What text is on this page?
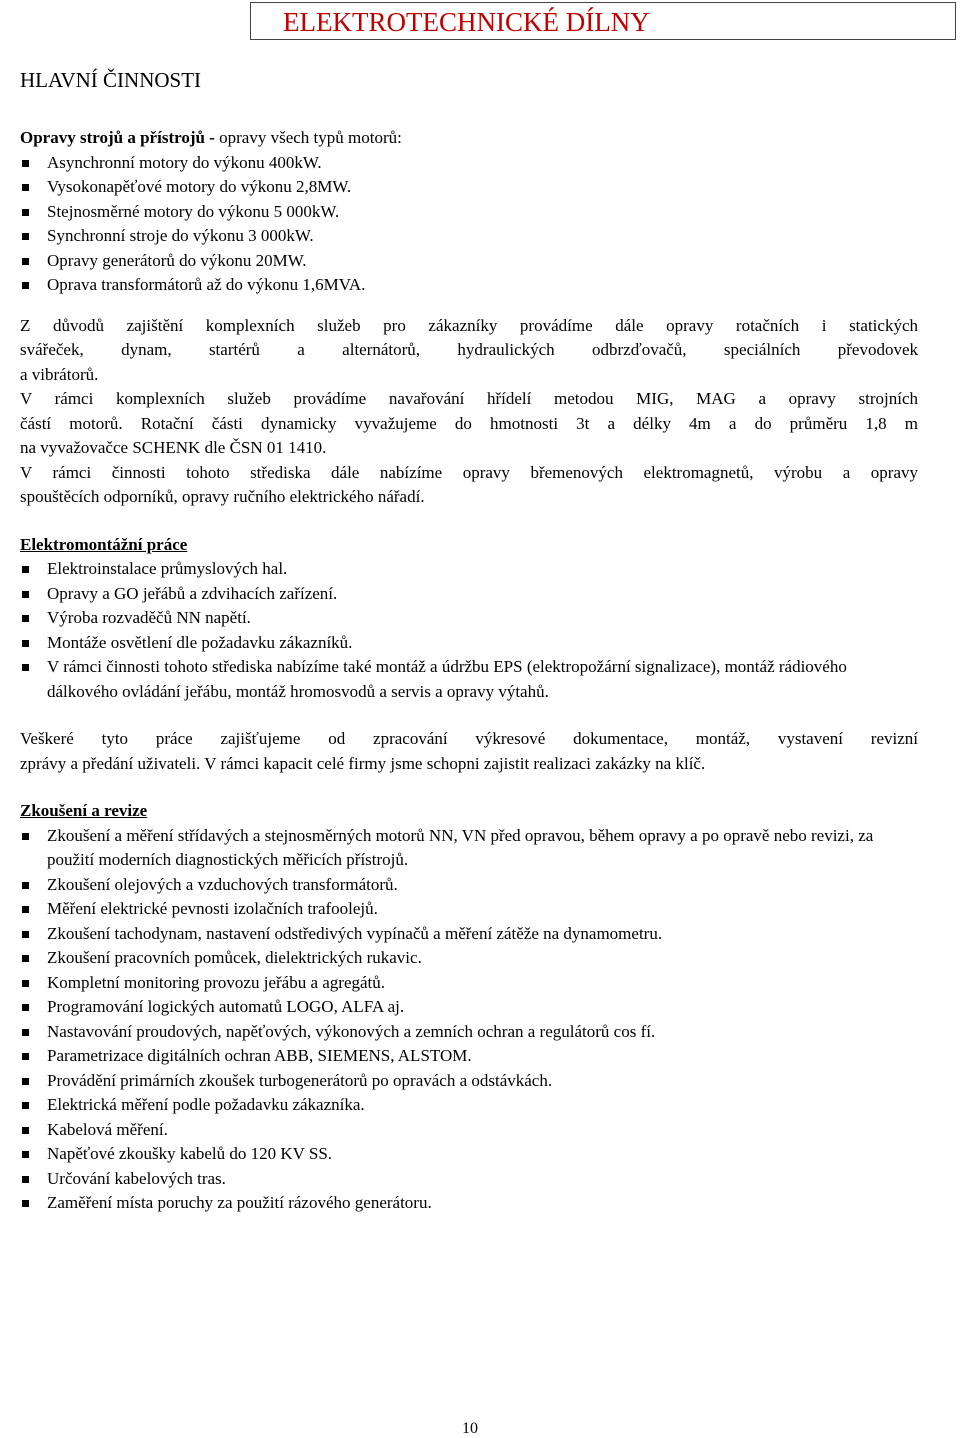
ELEKTROTECHNICKÉ DÍLNY
HLAVNÍ ČINNOSTI
Opravy strojů a přístrojů - opravy všech typů motorů:
Asynchronní motory do výkonu 400kW.
Vysokonapěťové motory do výkonu 2,8MW.
Stejnosměrné motory do výkonu 5 000kW.
Synchronní stroje do výkonu 3 000kW.
Opravy generátorů do výkonu 20MW.
Oprava transformátorů až do výkonu 1,6MVA.
Z důvodů zajištění komplexních služeb pro zákazníky provádíme dále opravy rotačních i statických
svářeček, dynam, startérů a alternátorů, hydraulických odbrzďovačů, speciálních převodovek
a vibrátorů.
V rámci komplexních služeb provádíme navařování hřídelí metodou MIG, MAG a opravy strojních
částí motorů. Rotační části dynamicky vyvažujeme do hmotnosti 3t a délky 4m a do průměru 1,8 m
na vyvažovačce SCHENK dle ČSN 01 1410.
V rámci činnosti tohoto střediska dále nabízíme opravy břemenových elektromagnetů, výrobu a opravy
spouštěcích odporníků, opravy ručního elektrického nářadí.
Elektromontážní práce
Elektroinstalace průmyslových hal.
Opravy a GO jeřábů a zdvihacích zařízení.
Výroba rozvaděčů NN napětí.
Montáže osvětlení dle požadavku zákazníků.
V rámci činnosti tohoto střediska nabízíme také montáž a údržbu EPS (elektropožární signalizace), montáž rádiového dálkového ovládání jeřábu, montáž hromosvodů a servis a opravy výtahů.
Veškeré tyto práce zajišťujeme od zpracování výkresové dokumentace, montáž, vystavení revizní
zprávy a předání uživateli. V rámci kapacit celé firmy jsme schopni zajistit realizaci zakázky na klíč.
Zkoušení a revize
Zkoušení a měření střídavých a stejnosměrných motorů NN, VN před opravou, během opravy a po opravě nebo revizi, za použití moderních diagnostických měřicích přístrojů.
Zkoušení olejových a vzduchových transformátorů.
Měření elektrické pevnosti izolačních trafoolejů.
Zkoušení tachodynam, nastavení odstředivých vypínačů a měření zátěže na dynamometru.
Zkoušení pracovních pomůcek, dielektrických rukavic.
Kompletní monitoring provozu jeřábu a agregátů.
Programování logických automatů LOGO, ALFA aj.
Nastavování proudových, napěťových, výkonových a zemních ochran a regulátorů cos fí.
Parametrizace digitálních ochran ABB, SIEMENS, ALSTOM.
Provádění primárních zkoušek turbogenerátorů po opravách a odstávkách.
Elektrická měření podle požadavku zákazníka.
Kabelová měření.
Napěťové zkoušky kabelů do 120 KV SS.
Určování kabelových tras.
Zaměření místa poruchy za použití rázového generátoru.
10
